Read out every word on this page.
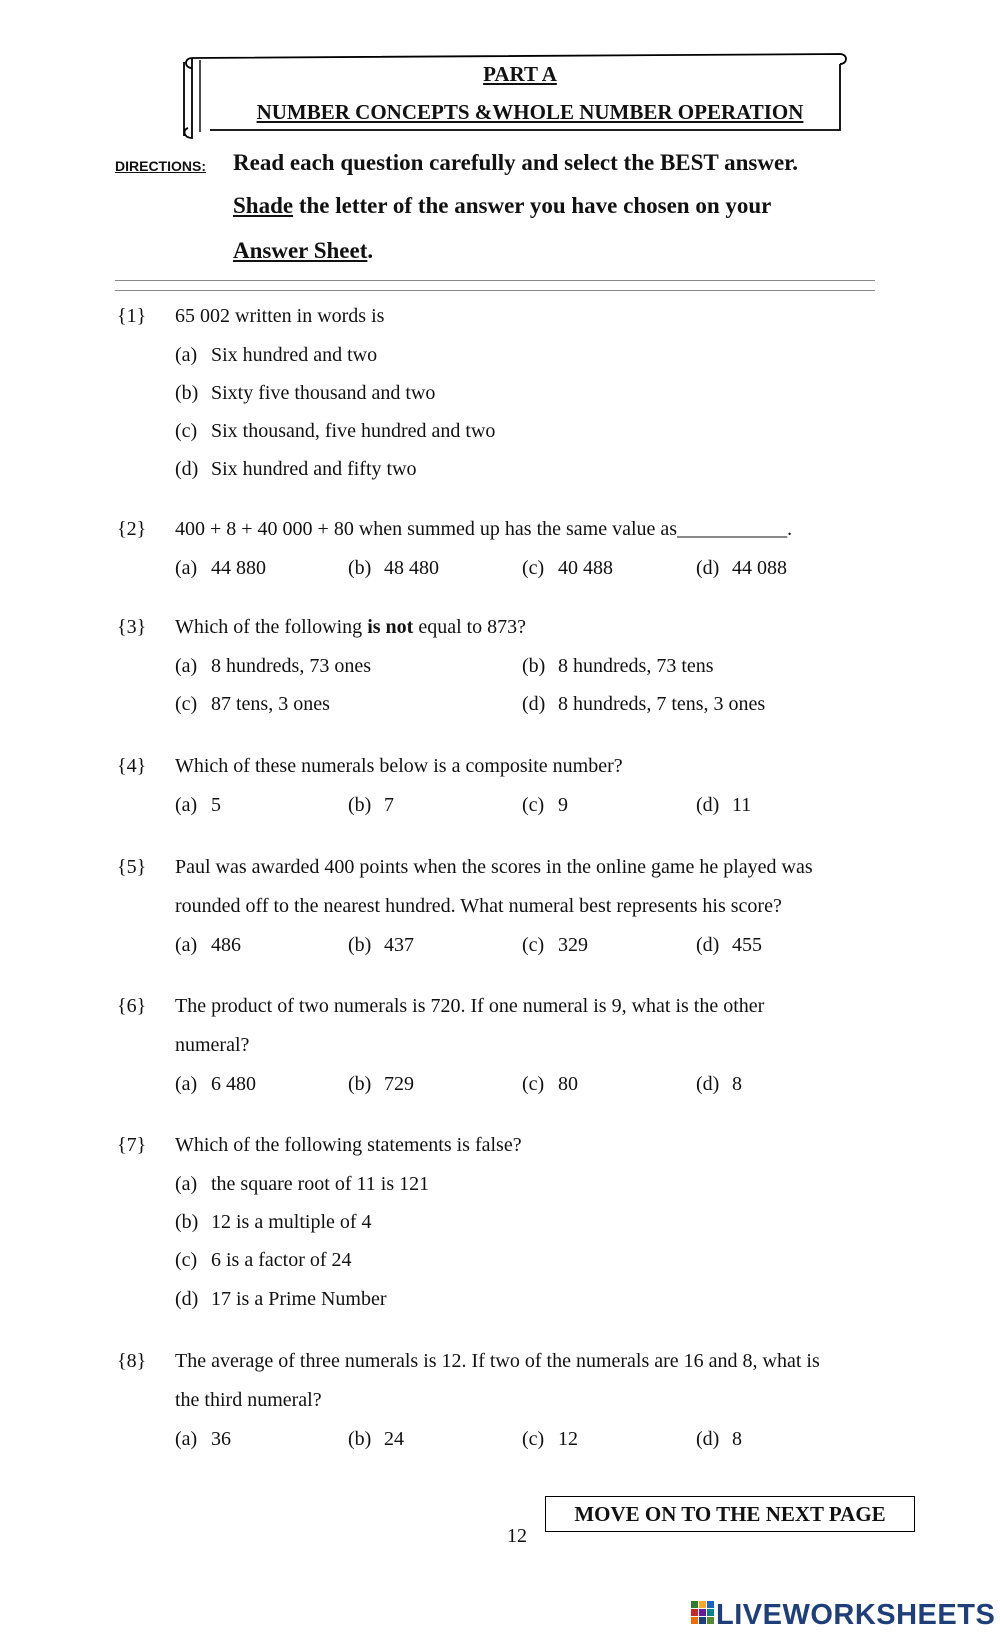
PART A
NUMBER CONCEPTS &WHOLE NUMBER OPERATION
DIRECTIONS: Read each question carefully and select the BEST answer.
Shade the letter of the answer you have chosen on your
Answer Sheet.
{1} 65 002 written in words is
(a) Six hundred and two
(b) Sixty five thousand and two
(c) Six thousand, five hundred and two
(d) Six hundred and fifty two
{2} 400 + 8 + 40 000 + 80 when summed up has the same value as___________.
(a) 44 880	(b) 48 480	(c) 40 488	(d) 44 088
{3} Which of the following is not equal to 873?
(a) 8 hundreds, 73 ones	(b) 8 hundreds, 73 tens
(c) 87 tens, 3 ones	(d) 8 hundreds, 7 tens, 3 ones
{4} Which of these numerals below is a composite number?
(a) 5	(b) 7	(c) 9	(d) 11
{5} Paul was awarded 400 points when the scores in the online game he played was
rounded off to the nearest hundred. What numeral best represents his score?
(a) 486	(b) 437	(c) 329	(d) 455
{6} The product of two numerals is 720. If one numeral is 9, what is the other
numeral?
(a) 6 480	(b) 729	(c) 80	(d) 8
{7} Which of the following statements is false?
(a) the square root of 11 is 121
(b) 12 is a multiple of 4
(c) 6 is a factor of 24
(d) 17 is a Prime Number
{8} The average of three numerals is 12. If two of the numerals are 16 and 8, what is
the third numeral?
(a) 36	(b) 24	(c) 12	(d) 8
MOVE ON TO THE NEXT PAGE
12
LIVEWORKSHEETS
